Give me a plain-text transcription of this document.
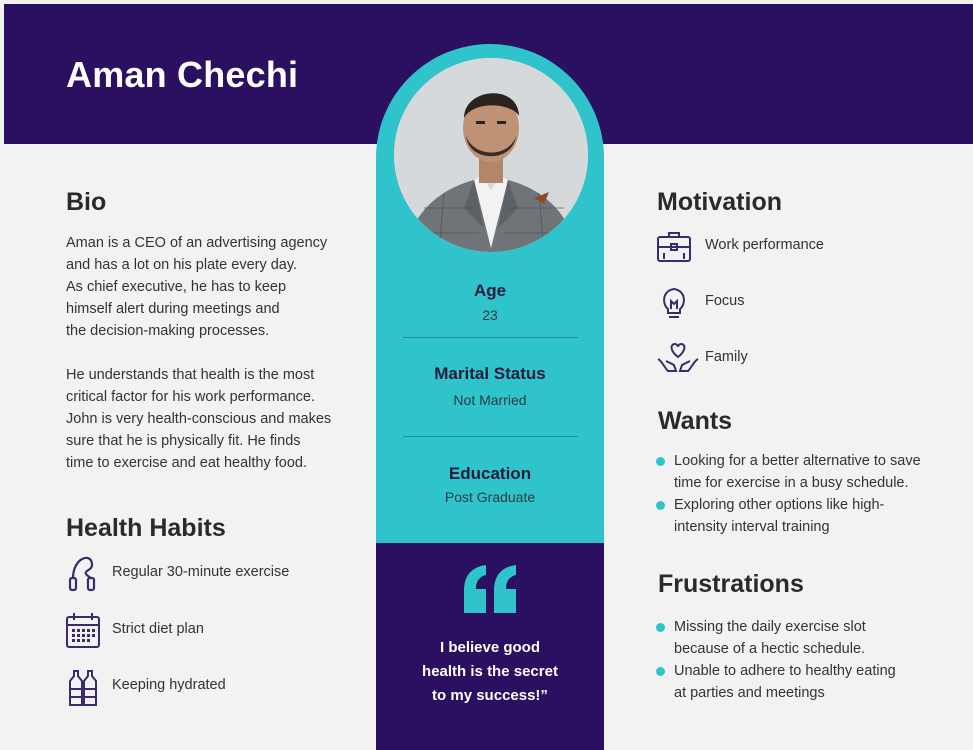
Aman Chechi
Age
23
Marital Status
Not Married
Education
Post Graduate
I believe good
health is the secret
to my success!”
Bio
Aman is a CEO of an advertising agency
and has a lot on his plate every day.
As chief executive, he has to keep
himself alert during meetings and
the decision-making processes.
He understands that health is the most
critical factor for his work performance.
John is very health-conscious and makes
sure that he is physically fit. He finds
time to exercise and eat healthy food.
Health Habits
Regular 30-minute exercise
Strict diet plan
Keeping hydrated
Motivation
Work performance
Focus
Family
Wants
Looking for a better alternative to save
time for exercise in a busy schedule.
Exploring other options like high-
intensity interval training
Frustrations
Missing the daily exercise slot
because of a hectic schedule.
Unable to adhere to healthy eating
at parties and meetings
